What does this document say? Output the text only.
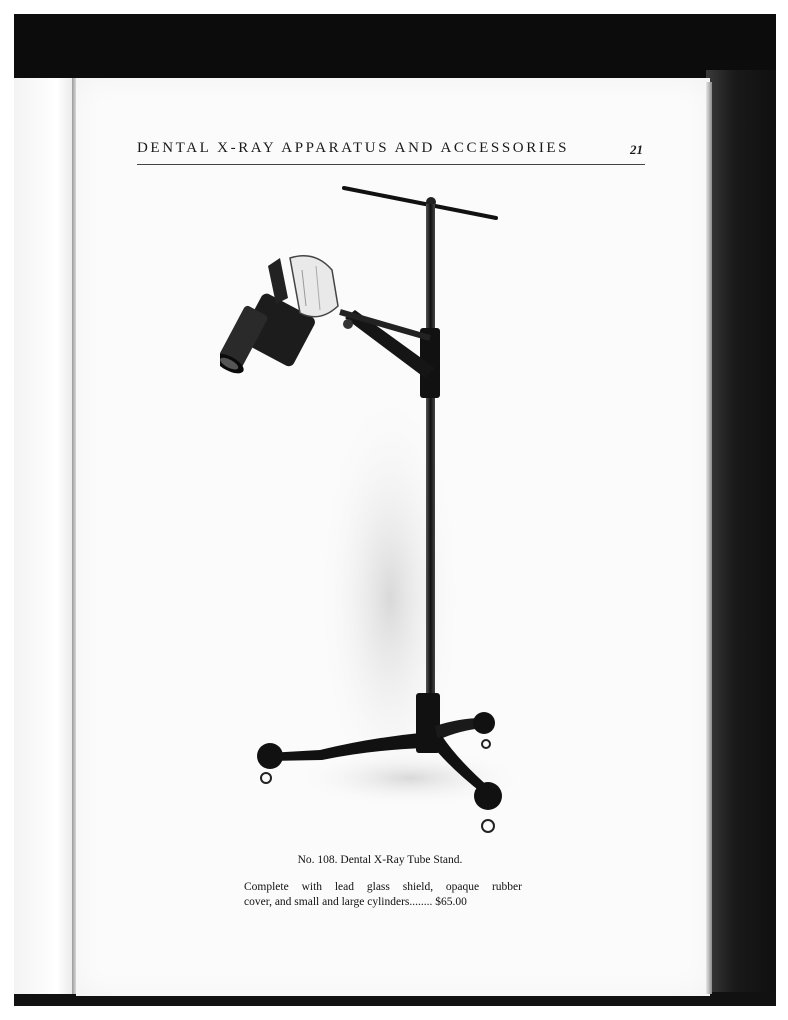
DENTAL X-RAY APPARATUS AND ACCESSORIES	21
No. 108. Dental X-Ray Tube Stand.
Complete with lead glass shield, opaque rubber
cover, and small and large cylinders........ $65.00
